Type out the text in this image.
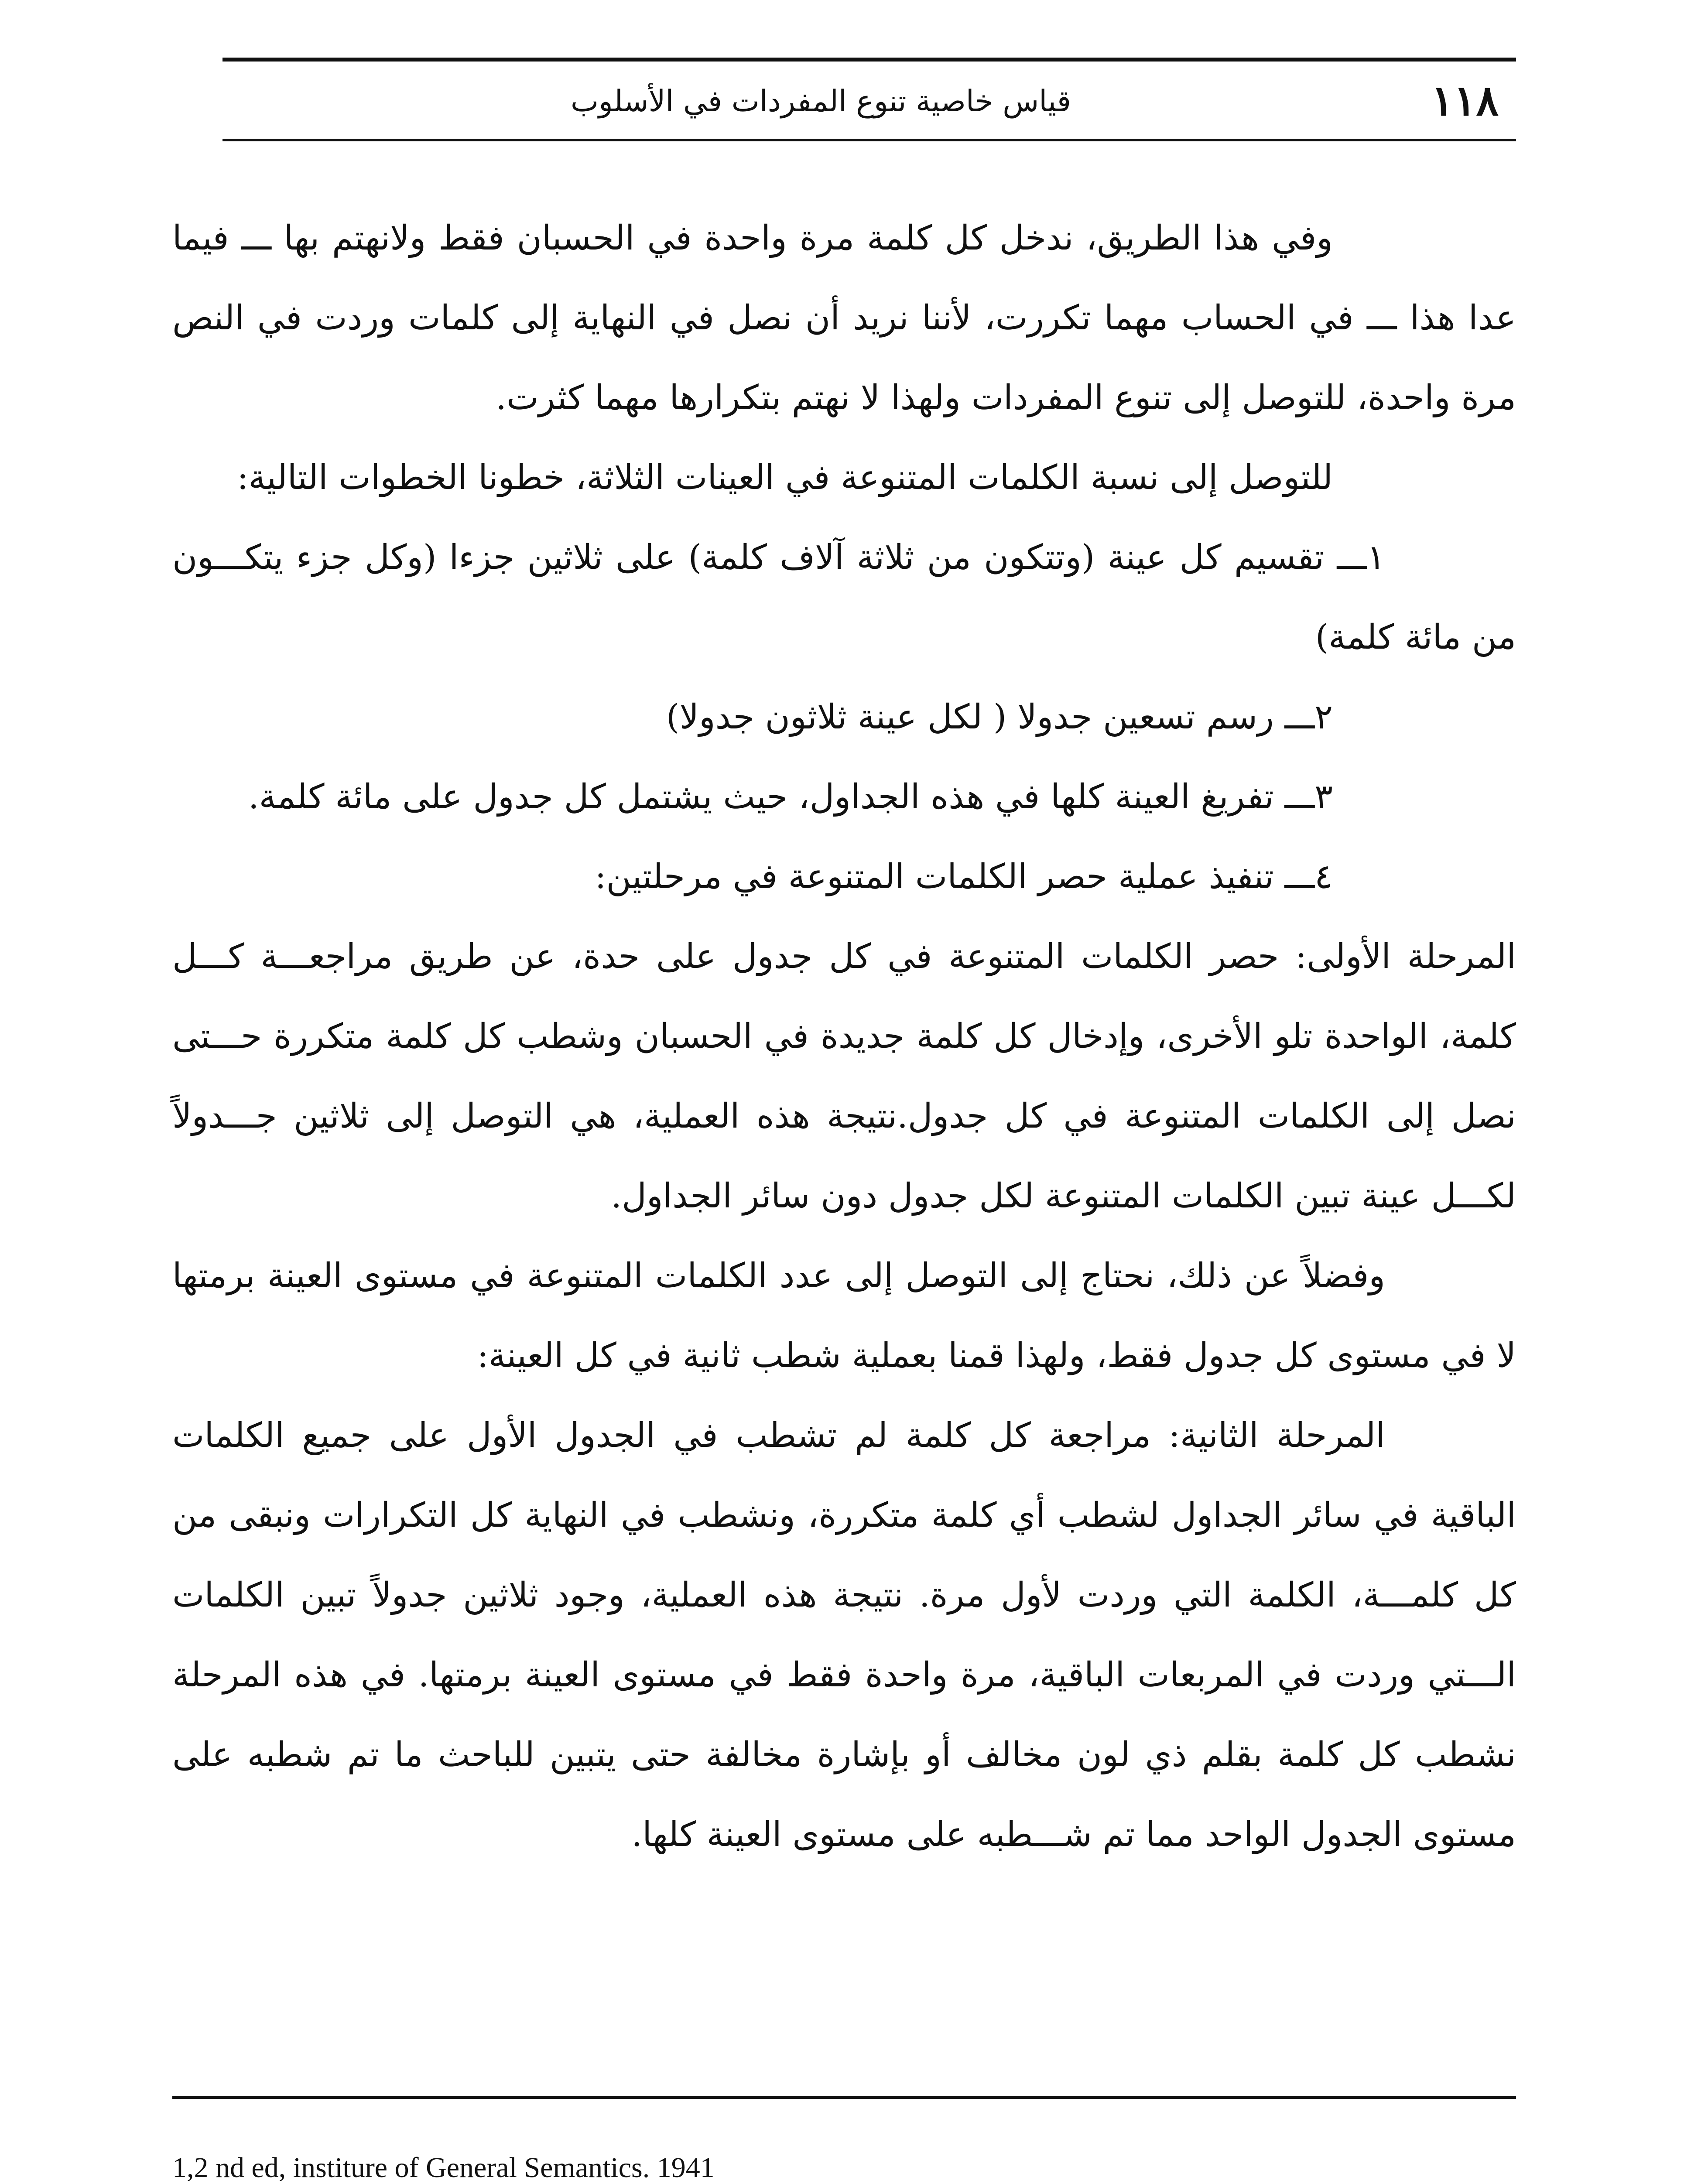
١١٨
قياس خاصية تنوع المفردات في الأسلوب

وفي هذا الطريق، ندخل كل كلمة مرة واحدة في الحسبان فقط ولانهتم بها ـــ فيما عدا هذا ـــ في الحساب مهما تكررت، لأننا نريد أن نصل في النهاية إلى كلمات وردت في النص مرة واحدة، للتوصل إلى تنوع المفردات ولهذا لا نهتم بتكرارها مهما كثرت.

للتوصل إلى نسبة الكلمات المتنوعة في العينات الثلاثة، خطونا الخطوات التالية:

١ـــ تقسيم كل عينة (وتتكون من ثلاثة آلاف كلمة) على ثلاثين جزءا (وكل جزء يتكـــون من مائة كلمة)

٢ـــ رسم تسعين جدولا ( لكل عينة ثلاثون جدولا)

٣ـــ تفريغ العينة كلها في هذه الجداول، حيث يشتمل كل جدول على مائة كلمة.

٤ـــ تنفيذ عملية حصر الكلمات المتنوعة في مرحلتين:

المرحلة الأولى: حصر الكلمات المتنوعة في كل جدول على حدة، عن طريق مراجعـــة كـــل كلمة، الواحدة تلو الأخرى، وإدخال كل كلمة جديدة في الحسبان وشطب كل كلمة متكررة حـــتى نصل إلى الكلمات المتنوعة في كل جدول.نتيجة هذه العملية، هي التوصل إلى ثلاثين جـــدولاً لكـــل عينة تبين الكلمات المتنوعة لكل جدول دون سائر الجداول.

وفضلاً عن ذلك، نحتاج إلى التوصل إلى عدد الكلمات المتنوعة في مستوى العينة برمتها لا في مستوى كل جدول فقط، ولهذا قمنا بعملية شطب ثانية في كل العينة:

المرحلة الثانية: مراجعة كل كلمة لم تشطب في الجدول الأول على جميع الكلمات الباقية في سائر الجداول لشطب أي كلمة متكررة، ونشطب في النهاية كل التكرارات ونبقى من كل كلمـــة، الكلمة التي وردت لأول مرة. نتيجة هذه العملية، وجود ثلاثين جدولاً تبين الكلمات الـــتي وردت في المربعات الباقية، مرة واحدة فقط في مستوى العينة برمتها. في هذه المرحلة نشطب كل كلمة بقلم ذي لون مخالف أو بإشارة مخالفة حتى يتبين للباحث ما تم شطبه على مستوى الجدول الواحد مما تم شـــطبه على مستوى العينة كلها.

1,2 nd ed, institure of General Semantics. 1941
